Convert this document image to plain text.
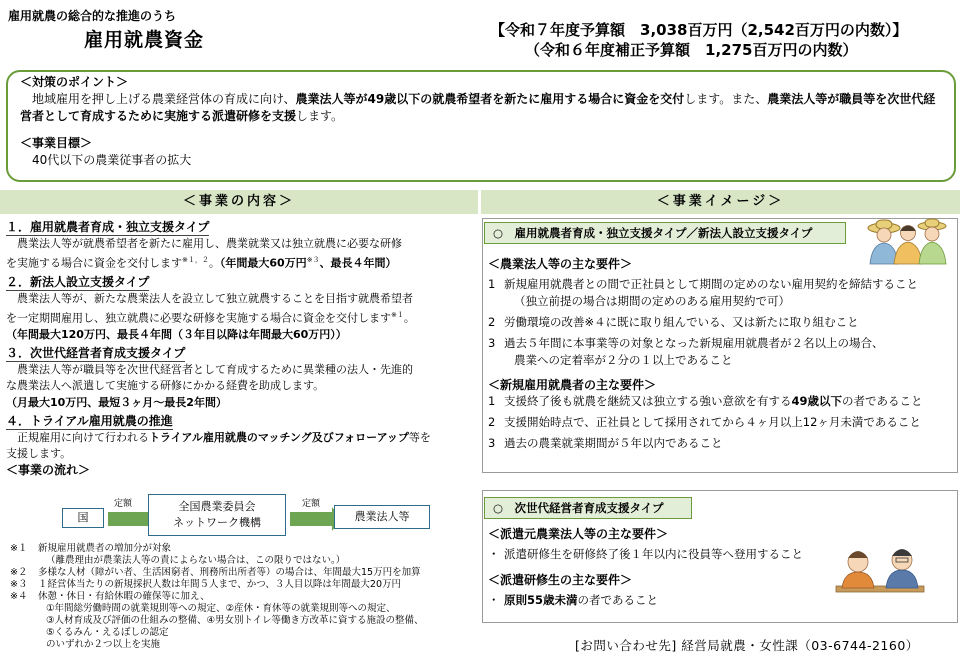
雇用就農の総合的な推進のうち
雇用就農資金	【令和７年度予算額　3,038百万円（2,542百万円の内数）】
（令和６年度補正予算額　1,275百万円の内数）

＜対策のポイント＞

地域雇用を押し上げる農業経営体の育成に向け、農業法人等が49歳以下の就農希望者を新たに雇用する場合に資金を交付します。また、農業法人等が職員等を次世代経営者として育成するために実施する派遣研修を支援します。

＜事業目標＞

40代以下の農業従事者の拡大

＜事業の内容＞	＜事業イメージ＞
１．雇用就農者育成・独立支援タイプ

農業法人等が就農希望者を新たに雇用し、農業就業又は独立就農に必要な研修

を実施する場合に資金を交付します$^{※1,2}$。（年間最大60万円$^{※3}$、最長４年間）

２．新法人設立支援タイプ

農業法人等が、新たな農業法人を設立して独立就農することを目指す就農希望者

を一定期間雇用し、独立就農に必要な研修を実施する場合に資金を交付します$^{※1}$。

（年間最大120万円、最長４年間（３年目以降は年間最大60万円））

３．次世代経営者育成支援タイプ

農業法人等が職員等を次世代経営者として育成するために異業種の法人・先進的

な農業法人へ派遣して実施する研修にかかる経費を助成します。

（月最大10万円、最短３ヶ月～最長2年間）

４．トライアル雇用就農の推進

正規雇用に向けて行われるトライアル雇用就農のマッチング及びフォローアップ等を

支援します。

＜事業の流れ＞

国
定額	全国農業委員会
ネットワーク機構
定額
農業法人等
※１	新規雇用就農者の増加分が対象
（離農理由が農業法人等の責によらない場合は、この限りではない。）
※２	多様な人材（障がい者、生活困窮者、刑務所出所者等）の場合は、年間最大15万円を加算
※３	１経営体当たりの新規採択人数は年間５人まで、かつ、３人目以降は年間最大20万円
※４	休憩・休日・有給休暇の確保等に加え、
①年間総労働時間の就業規則等への規定、②産休・育休等の就業規則等への規定、
③人材育成及び評価の仕組みの整備、④男女別トイレ等働き方改革に資する施設の整備、
⑤くるみん・えるぼしの認定
のいずれか２つ以上を実施
○　雇用就農者育成・独立支援タイプ／新法人設立支援タイプ

＜農業法人等の主な要件＞

1 新規雇用就農者との間で正社員として期間の定めのない雇用契約を締結すること
（独立前提の場合は期間の定めのある雇用契約で可）
2 労働環境の改善※４に既に取り組んでいる、又は新たに取り組むこと
3 過去５年間に本事業等の対象となった新規雇用就農者が２名以上の場合、
農業への定着率が２分の１以上であること

＜新規雇用就農者の主な要件＞

1 支援終了後も就農を継続又は独立する強い意欲を有する49歳以下の者であること
2 支援開始時点で、正社員として採用されてから４ヶ月以上12ヶ月未満であること
3 過去の農業就業期間が５年以内であること
○　次世代経営者育成支援タイプ

＜派遣元農業法人等の主な要件＞

・ 派遣研修生を研修終了後１年以内に役員等へ登用すること

＜派遣研修生の主な要件＞

・ 原則55歳未満の者であること
[お問い合わせ先] 経営局就農・女性課（03-6744-2160）
